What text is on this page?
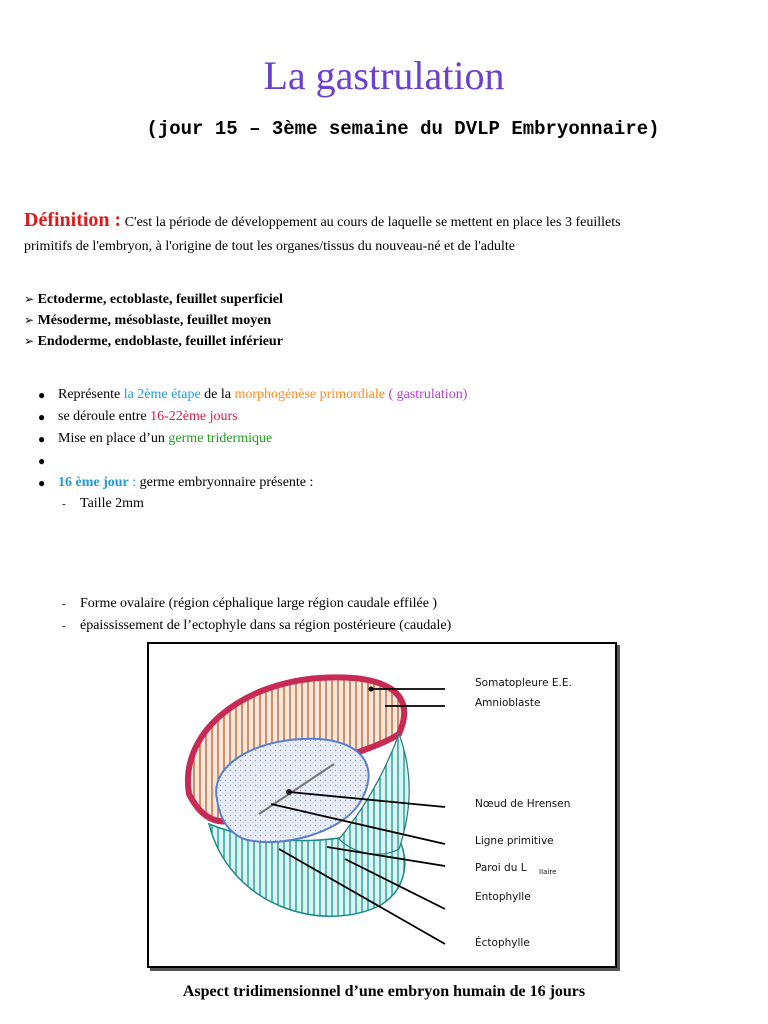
La gastrulation
(jour 15 – 3ème semaine du DVLP Embryonnaire)
Définition : C'est la période de développement au cours de laquelle se mettent en place les 3 feuillets primitifs de l'embryon, à l'origine de tout les organes/tissus du nouveau-né et de l'adulte
➢ Ectoderme, ectoblaste, feuillet superficiel
➢ Mésoderme, mésoblaste, feuillet moyen
➢ Endoderme, endoblaste, feuillet inférieur
● Représente la 2ème étape de la morphogénèse primordiale ( gastrulation)
● se déroule entre 16-22ème jours
● Mise en place d’un germe tridermique
●
● 16 ème jour : germe embryonnaire présente :
- Taille 2mm
- Forme ovalaire (région céphalique large région caudale effilée )
- épaississement de l’ectophyle dans sa région postérieure (caudale)
Somatopleure E.E.
Amnioblaste
Nœud de Hrensen
Ligne primitive
Paroi du L IIaire
Entophylle
Éctophylle
Aspect tridimensionnel d’une embryon humain de 16 jours
